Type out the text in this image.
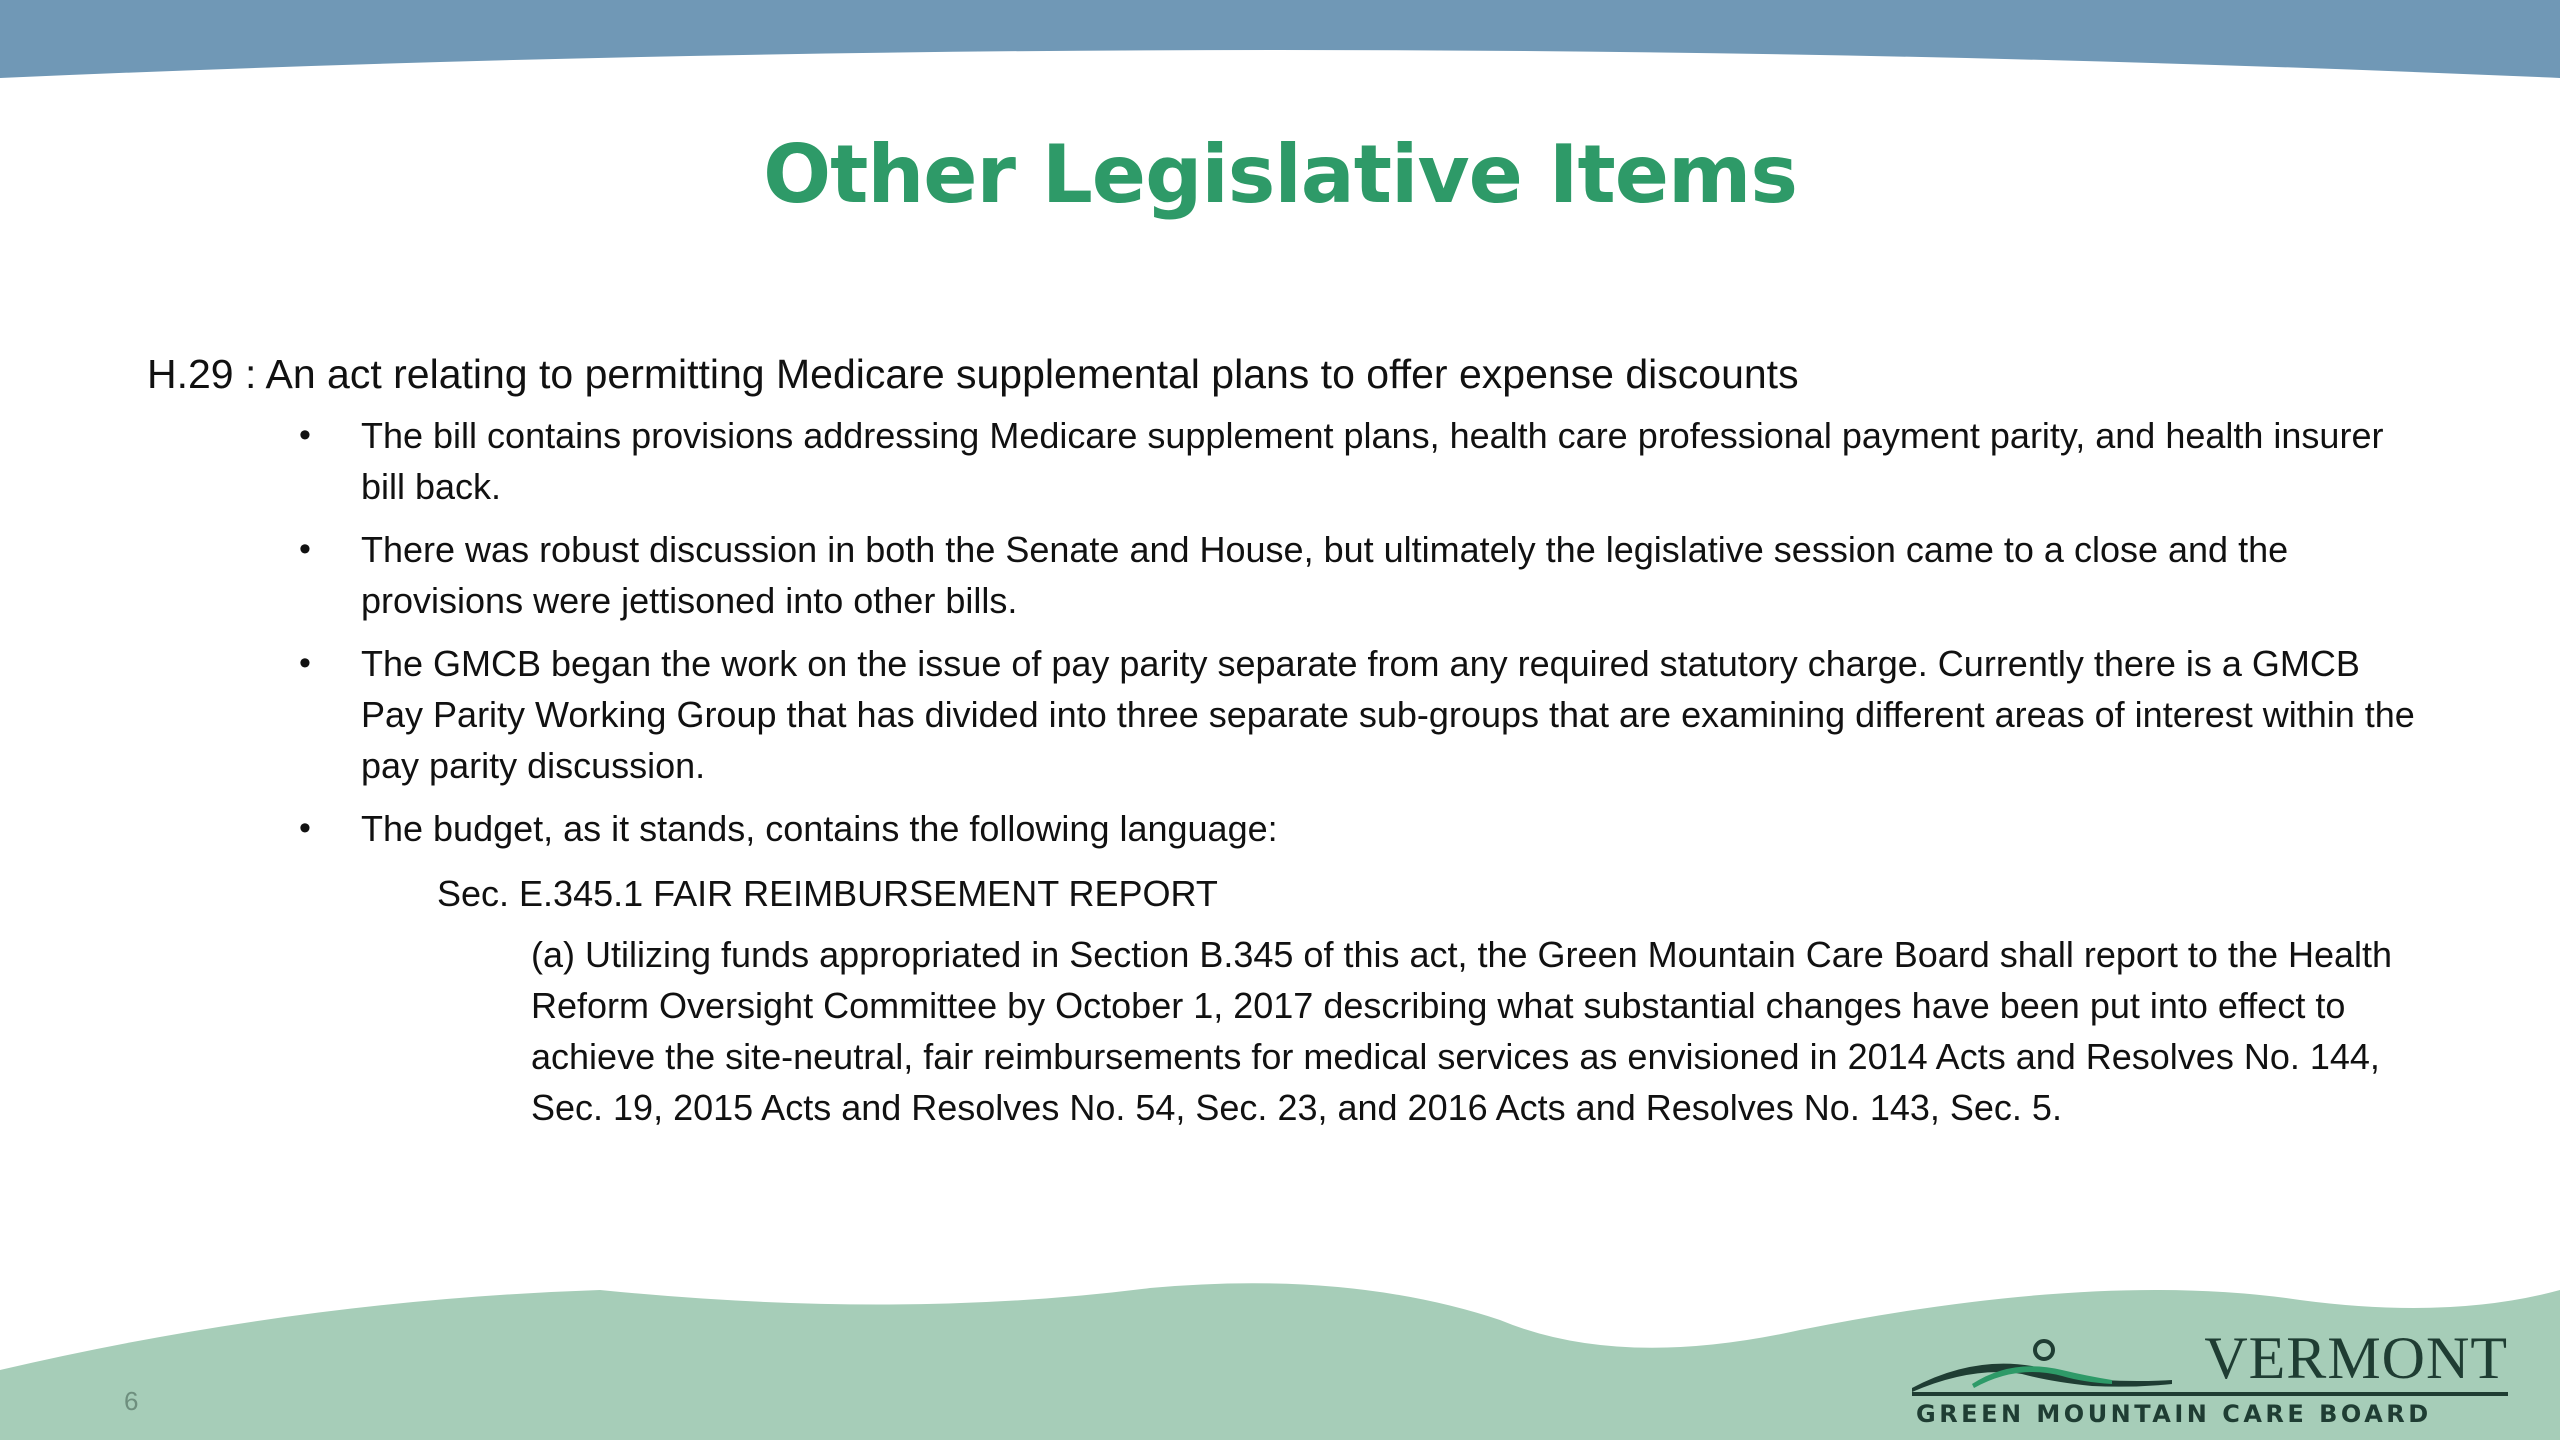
Other Legislative Items
H.29 : An act relating to permitting Medicare supplemental plans to offer expense discounts
• The bill contains provisions addressing Medicare supplement plans, health care professional payment parity, and health insurer bill back.
• There was robust discussion in both the Senate and House, but ultimately the legislative session came to a close and the provisions were jettisoned into other bills.
• The GMCB began the work on the issue of pay parity separate from any required statutory charge. Currently there is a GMCB Pay Parity Working Group that has divided into three separate sub-groups that are examining different areas of interest within the pay parity discussion.
• The budget, as it stands, contains the following language:
Sec. E.345.1 FAIR REIMBURSEMENT REPORT
(a) Utilizing funds appropriated in Section B.345 of this act, the Green Mountain Care Board shall report to the Health Reform Oversight Committee by October 1, 2017 describing what substantial changes have been put into effect to achieve the site-neutral, fair reimbursements for medical services as envisioned in 2014 Acts and Resolves No. 144, Sec. 19, 2015 Acts and Resolves No. 54, Sec. 23, and 2016 Acts and Resolves No. 143, Sec. 5.
6
VERMONT
GREEN MOUNTAIN CARE BOARD
